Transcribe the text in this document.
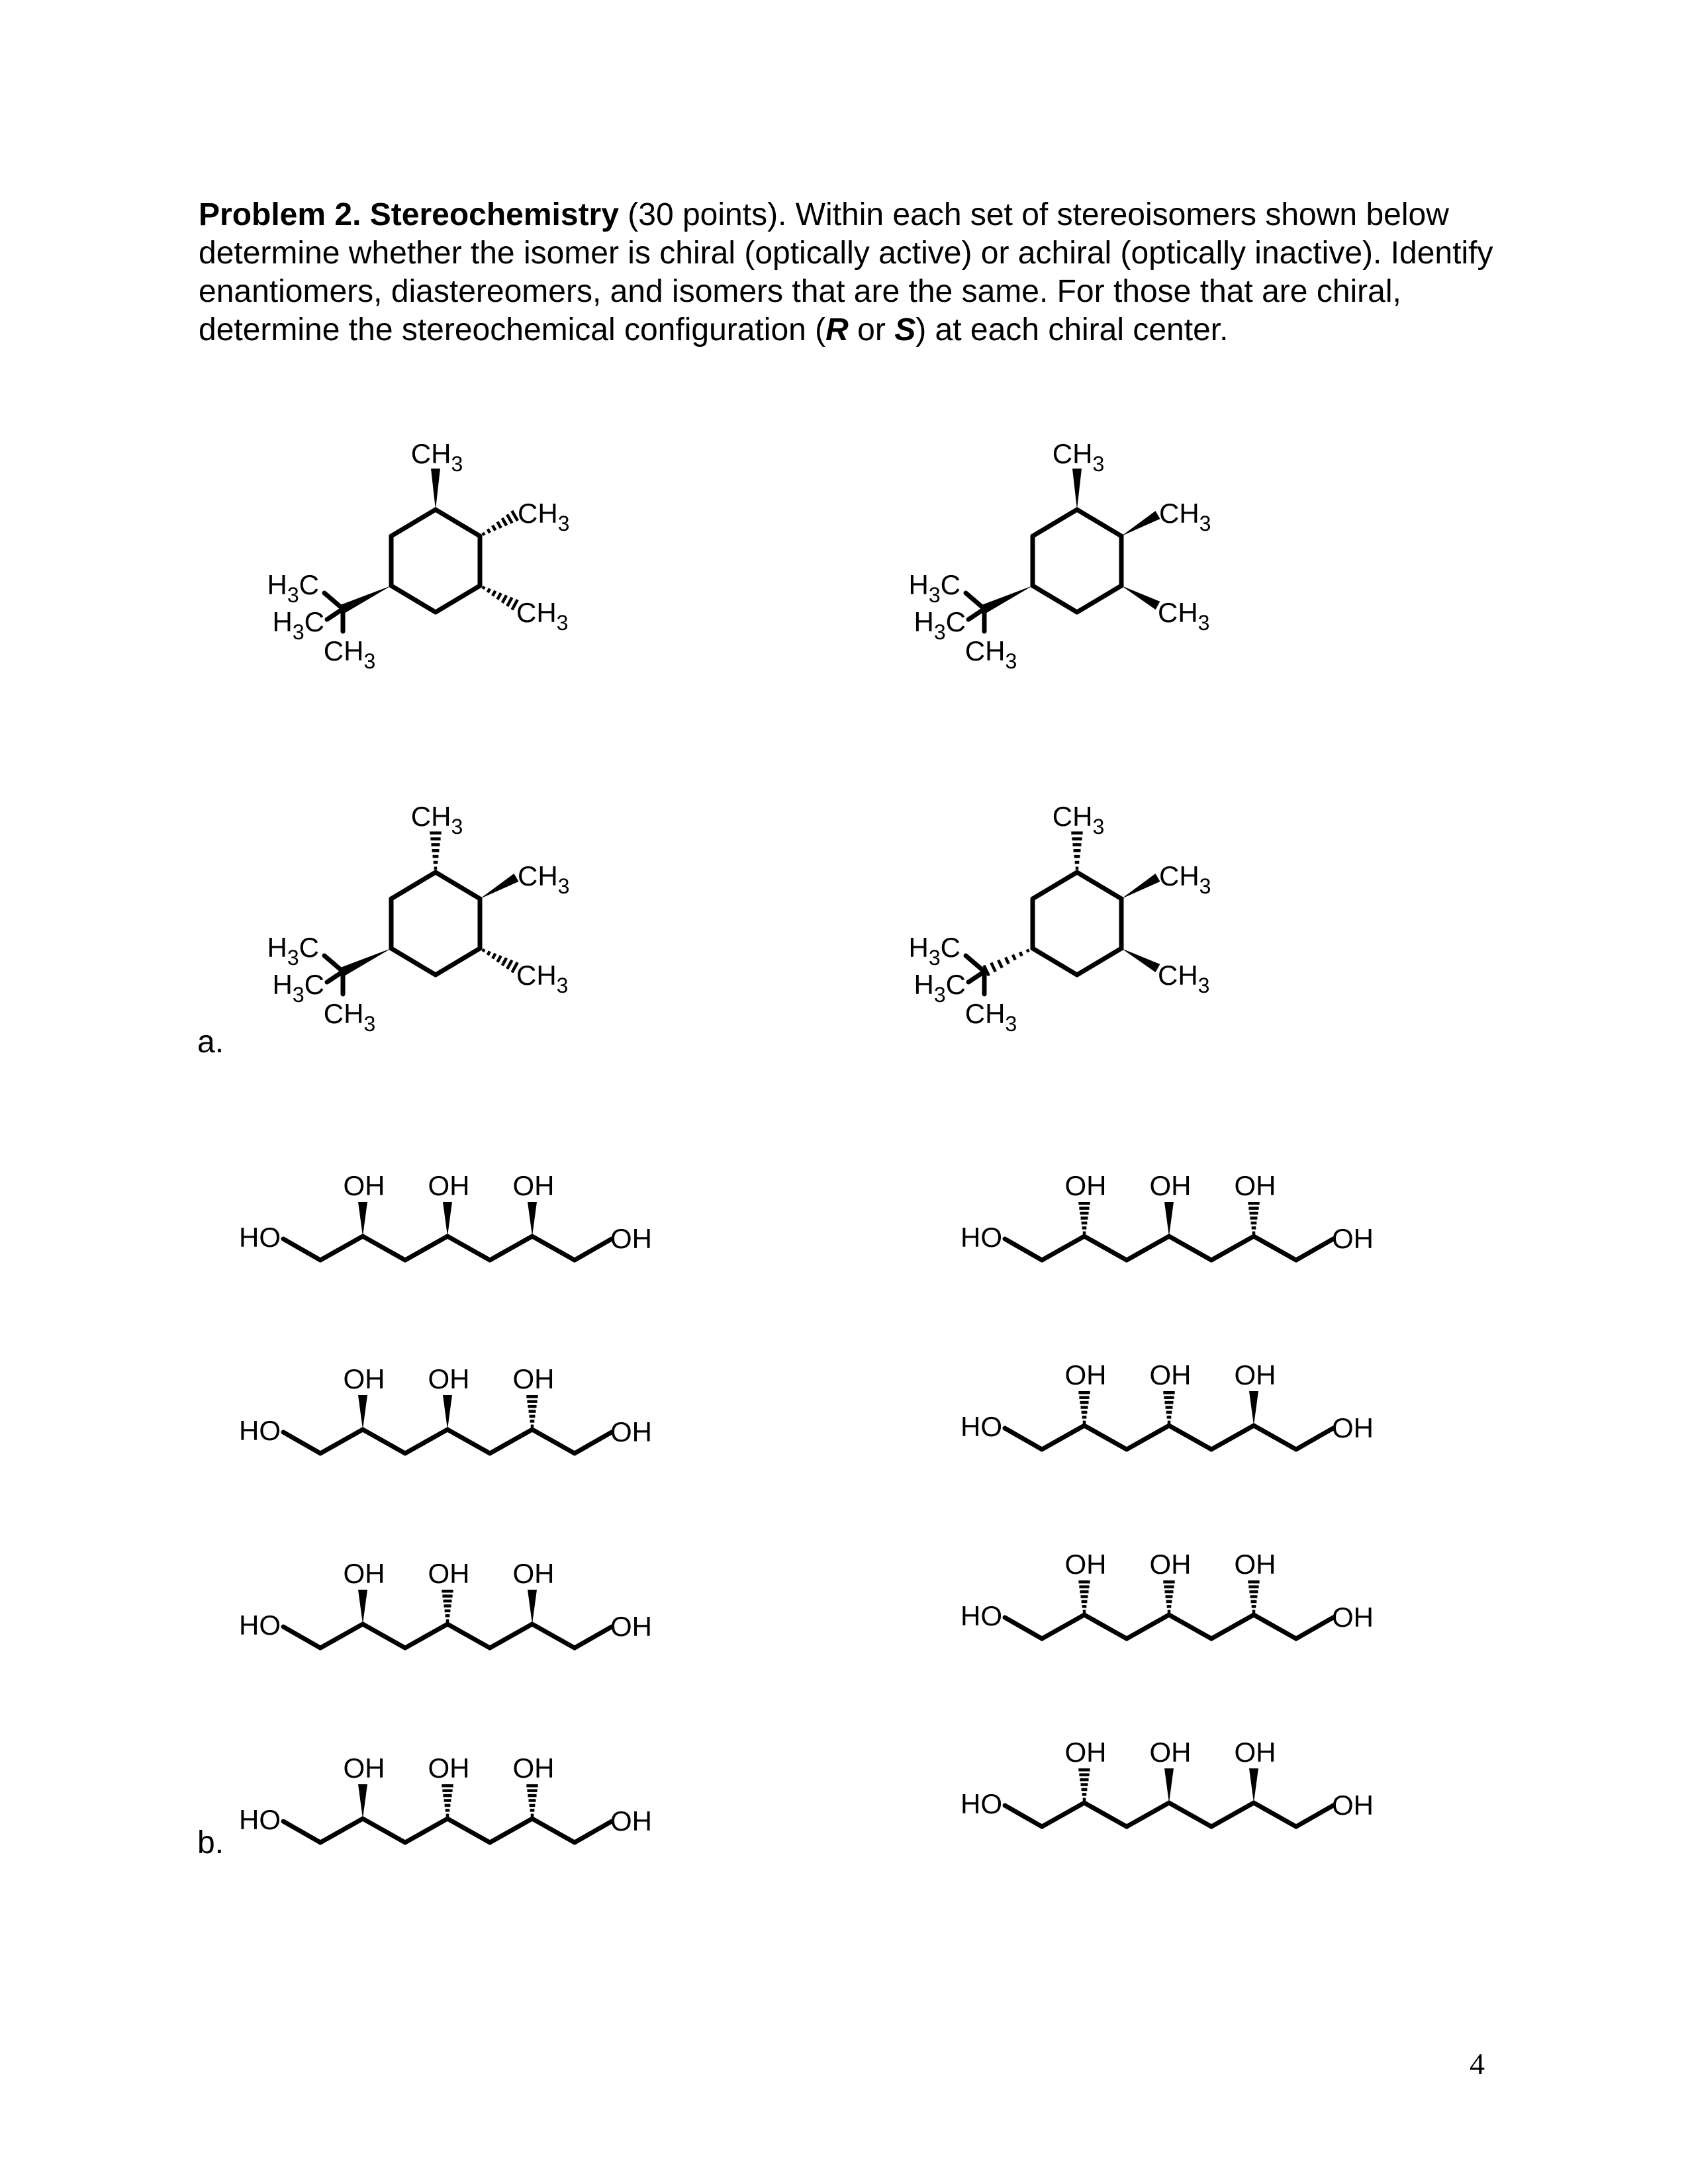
Problem 2. Stereochemistry (30 points). Within each set of stereoisomers shown below determine whether the isomer is chiral (optically active) or achiral (optically inactive). Identify enantiomers, diastereomers, and isomers that are the same. For those that are chiral, determine the stereochemical configuration (R or S) at each chiral center.

$CH_3$
$CH_3$
$CH_3$
$H_3C$
$H_3C$
$CH_3$
$CH_3$
$CH_3$
$CH_3$
$H_3C$
$H_3C$
$CH_3$
$CH_3$
$CH_3$
$CH_3$
$H_3C$
$H_3C$
$CH_3$
$CH_3$
$CH_3$
$CH_3$
$H_3C$
$H_3C$
$CH_3$
HO	OH
OH OH OH
HO	OH
OH OH OH
HO	OH
OH OH OH
HO	OH
OH OH OH
HO	OH
OH OH OH
HO	OH
OH OH OH
HO	OH
OH OH OH
HO	OH
OH OH OH
a.
b.
4
